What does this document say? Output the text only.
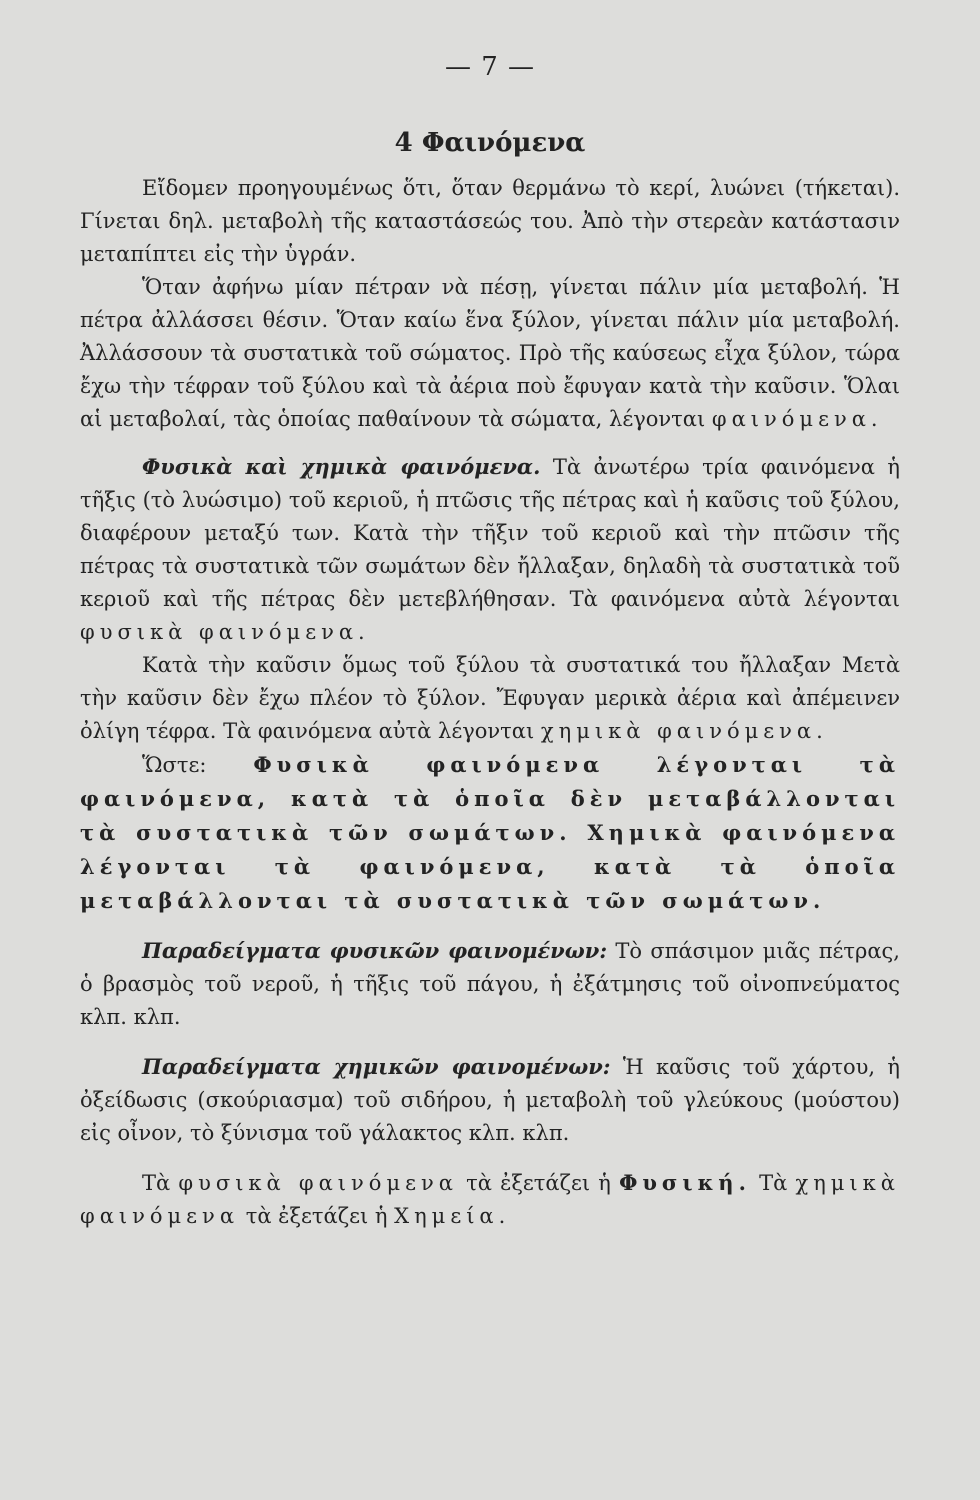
— 7 —
4 Φαινόμενα

Εἴδομεν προηγουμένως ὅτι, ὅταν θερμάνω τὸ κερί, λυώνει (τήκεται). Γίνεται δηλ. μεταβολὴ τῆς καταστάσεώς του. Ἀπὸ τὴν στερεὰν κατάστασιν μεταπίπτει εἰς τὴν ὑγράν.

Ὅταν ἀφήνω μίαν πέτραν νὰ πέσῃ, γίνεται πάλιν μία μεταβολή. Ἡ πέτρα ἀλλάσσει θέσιν. Ὅταν καίω ἕνα ξύλον, γίνεται πάλιν μία μεταβολή. Ἀλλάσσουν τὰ συστατικὰ τοῦ σώματος. Πρὸ τῆς καύσεως εἶχα ξύλον, τώρα ἔχω τὴν τέφραν τοῦ ξύλου καὶ τὰ ἀέρια ποὺ ἔφυγαν κατὰ τὴν καῦσιν. Ὅλαι αἱ μεταβολαί, τὰς ὁποίας παθαίνουν τὰ σώματα, λέγονται φαινόμενα.

Φυσικὰ καὶ χημικὰ φαινόμενα. Τὰ ἀνωτέρω τρία φαινόμενα ἡ τῆξις (τὸ λυώσιμο) τοῦ κεριοῦ, ἡ πτῶσις τῆς πέτρας καὶ ἡ καῦσις τοῦ ξύλου, διαφέρουν μεταξύ των. Κατὰ τὴν τῆξιν τοῦ κεριοῦ καὶ τὴν πτῶσιν τῆς πέτρας τὰ συστατικὰ τῶν σωμάτων δὲν ἤλλαξαν, δηλαδὴ τὰ συστατικὰ τοῦ κεριοῦ καὶ τῆς πέτρας δὲν μετεβλήθησαν. Τὰ φαινόμενα αὐτὰ λέγονται φυσικὰ φαινόμενα.

Κατὰ τὴν καῦσιν ὅμως τοῦ ξύλου τὰ συστατικά του ἤλλαξαν Μετὰ τὴν καῦσιν δὲν ἔχω πλέον τὸ ξύλον. Ἔφυγαν μερικὰ ἀέρια καὶ ἀπέμεινεν ὀλίγη τέφρα. Τὰ φαινόμενα αὐτὰ λέγονται χημικὰ φαινόμενα.

Ὥστε: Φυσικὰ φαινόμενα λέγονται τὰ φαινόμενα, κατὰ τὰ ὁποῖα δὲν μεταβάλλονται τὰ συστατικὰ τῶν σωμάτων. Χημικὰ φαινόμενα λέγονται τὰ φαινόμενα, κατὰ τὰ ὁποῖα μεταβάλλονται τὰ συστατικὰ τῶν σωμάτων.

Παραδείγματα φυσικῶν φαινομένων: Τὸ σπάσιμον μιᾶς πέτρας, ὁ βρασμὸς τοῦ νεροῦ, ἡ τῆξις τοῦ πάγου, ἡ ἐξάτμησις τοῦ οἰνοπνεύματος κλπ. κλπ.

Παραδείγματα χημικῶν φαινομένων: Ἡ καῦσις τοῦ χάρτου, ἡ ὀξείδωσις (σκούριασμα) τοῦ σιδήρου, ἡ μεταβολὴ τοῦ γλεύκους (μούστου) εἰς οἶνον, τὸ ξύνισμα τοῦ γάλακτος κλπ. κλπ.

Τὰ φυσικὰ φαινόμενα τὰ ἐξετάζει ἡ Φυσική. Τὰ χημικὰ φαινόμενα τὰ ἐξετάζει ἡ Χημεία.
